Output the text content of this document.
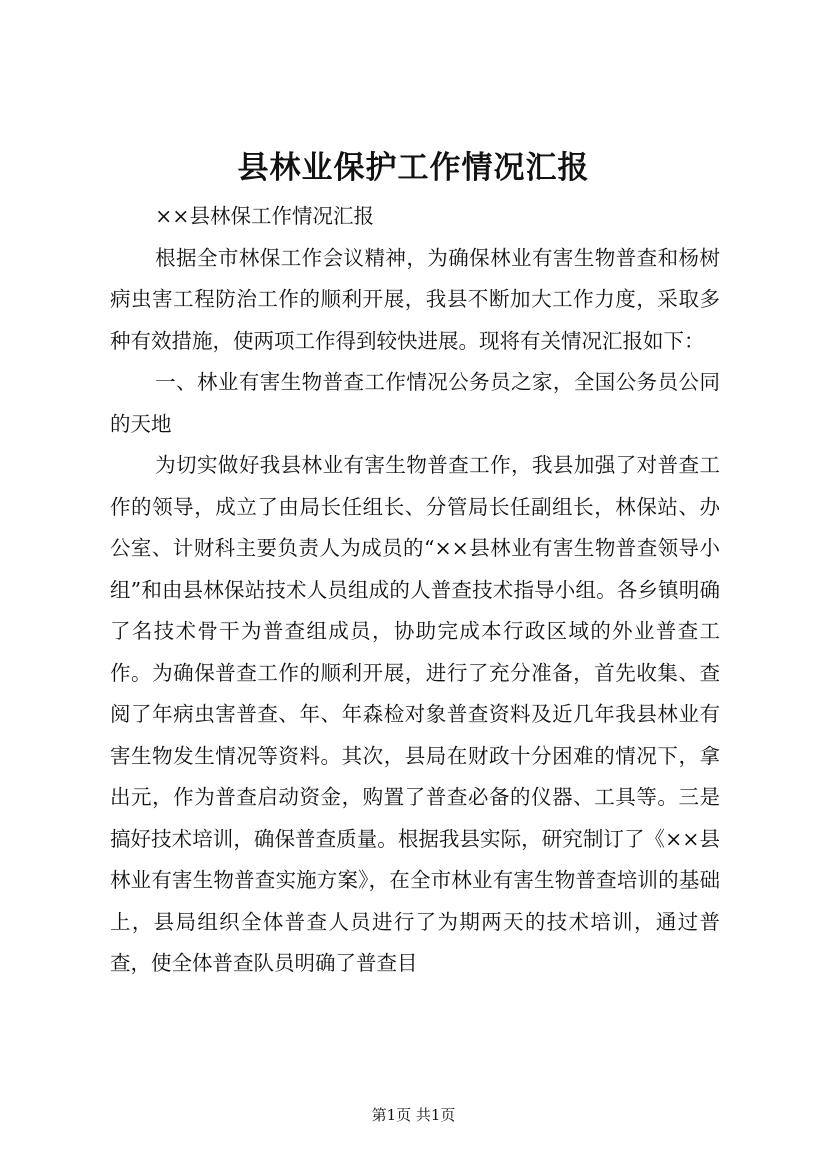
县林业保护工作情况汇报

××县林保工作情况汇报

根据全市林保工作会议精神，为确保林业有害生物普查和杨树病虫害工程防治工作的顺利开展，我县不断加大工作力度，采取多种有效措施，使两项工作得到较快进展。现将有关情况汇报如下：

一、林业有害生物普查工作情况公务员之家，全国公务员公同的天地

为切实做好我县林业有害生物普查工作，我县加强了对普查工作的领导，成立了由局长任组长、分管局长任副组长，林保站、办公室、计财科主要负责人为成员的“××县林业有害生物普查领导小组”和由县林保站技术人员组成的人普查技术指导小组。各乡镇明确了名技术骨干为普查组成员，协助完成本行政区域的外业普查工作。为确保普查工作的顺利开展，进行了充分准备，首先收集、查阅了年病虫害普查、年、年森检对象普查资料及近几年我县林业有害生物发生情况等资料。其次，县局在财政十分困难的情况下，拿出元，作为普查启动资金，购置了普查必备的仪器、工具等。三是搞好技术培训，确保普查质量。根据我县实际，研究制订了《××县林业有害生物普查实施方案》，在全市林业有害生物普查培训的基础上，县局组织全体普查人员进行了为期两天的技术培训，通过普查，使全体普查队员明确了普查目

第1页 共1页
